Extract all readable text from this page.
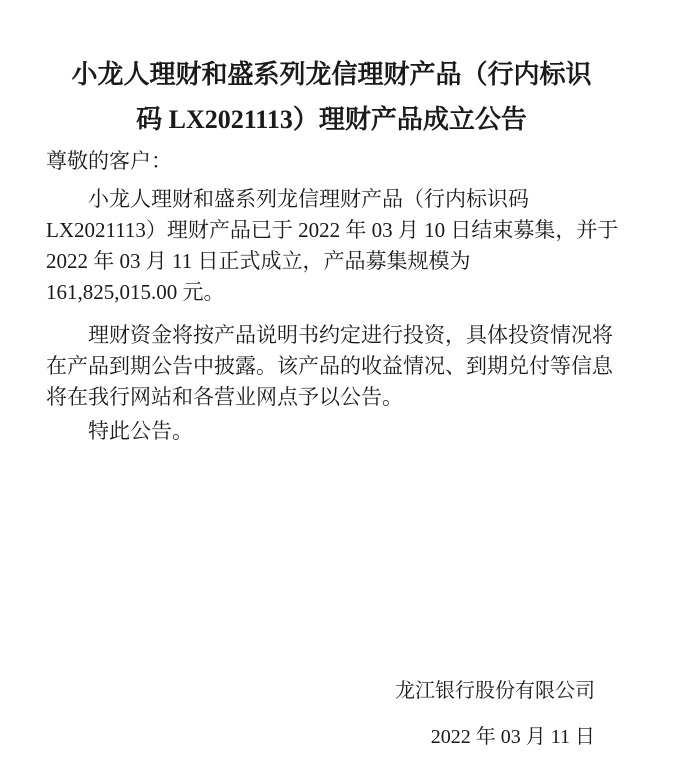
小龙人理财和盛系列龙信理财产品（行内标识码 LX2021113）理财产品成立公告

尊敬的客户：

小龙人理财和盛系列龙信理财产品（行内标识码
LX2021113）理财产品已于 2022 年 03 月 10 日结束募集，并于
2022 年 03 月 11 日正式成立，产品募集规模为
161,825,015.00 元。
理财资金将按产品说明书约定进行投资，具体投资情况将
在产品到期公告中披露。该产品的收益情况、到期兑付等信息
将在我行网站和各营业网点予以公告。
特此公告。
龙江银行股份有限公司
2022 年 03 月 11 日
